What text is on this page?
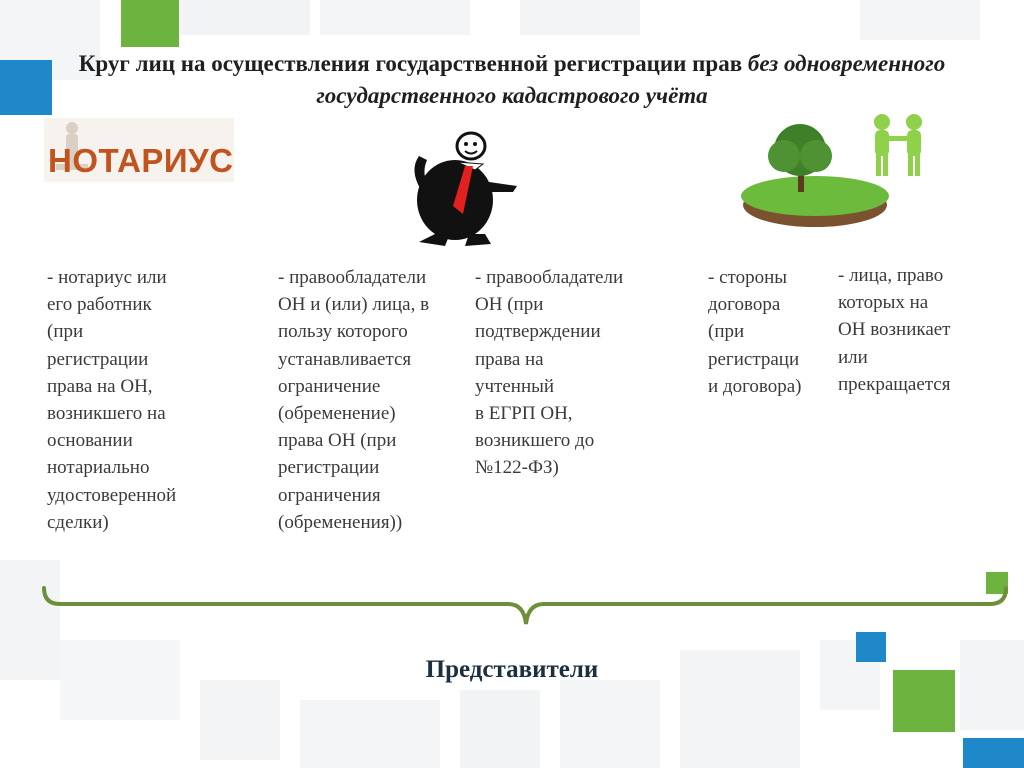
Круг лиц на осуществления государственной регистрации прав без одновременного государственного кадастрового учёта
НОТАРИУС
- нотариус или
его работник
(при
регистрации
права на ОН,
возникшего на
основании
нотариально
удостоверенной
сделки)
- правообладатели
ОН и (или) лица, в
пользу которого
устанавливается
ограничение
(обременение)
права ОН (при
регистрации
ограничения
(обременения))
- правообладатели
ОН (при
подтверждении
права на
учтенный
в ЕГРП ОН,
возникшего до
№122-ФЗ)
- стороны
договора
(при
регистраци
и договора)
- лица, право
которых на
ОН возникает
или
прекращается
Представители
